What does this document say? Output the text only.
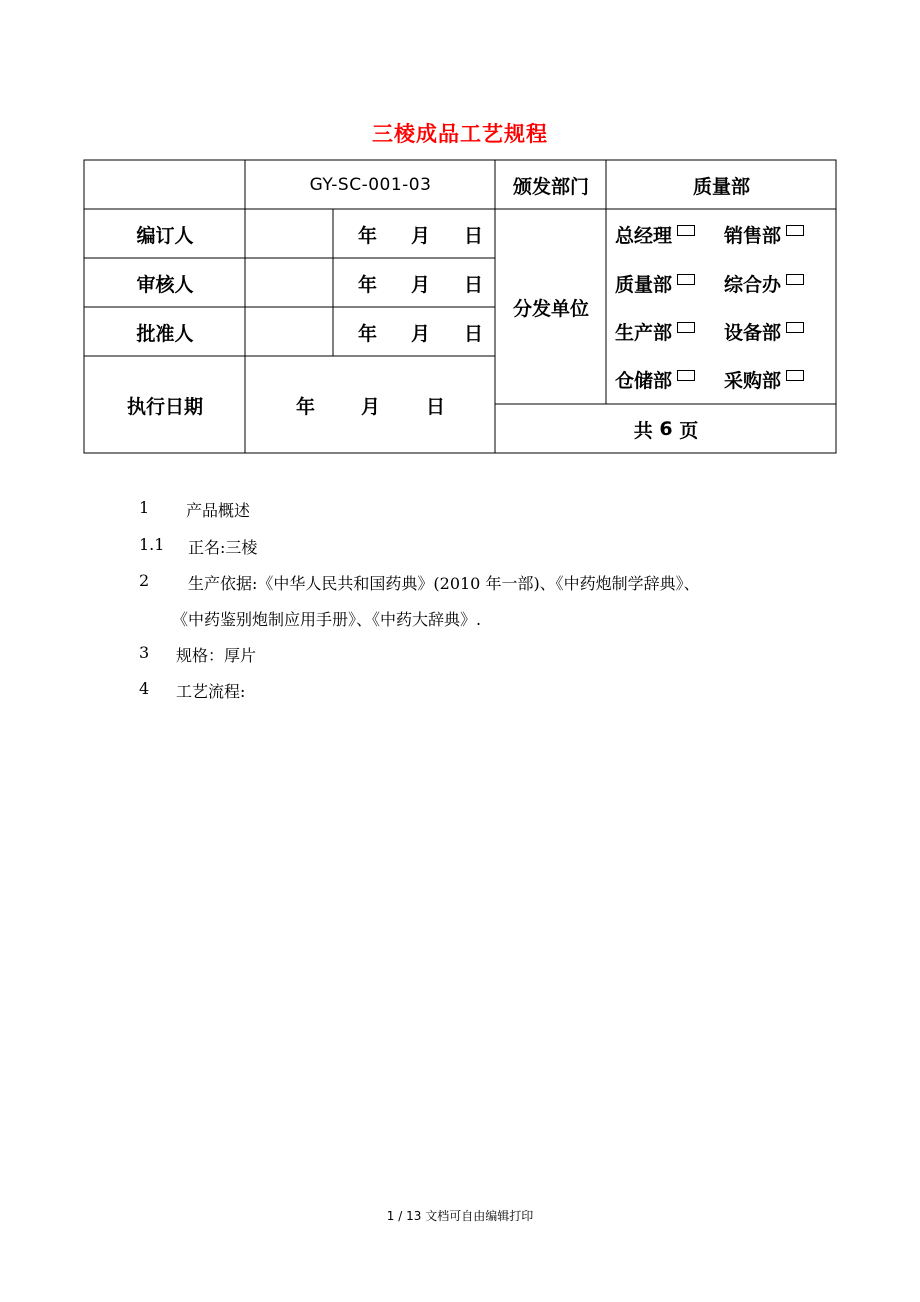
三棱成品工艺规程
GY-SC-001-03	颁发部门	质量部
编订人	年 月 日
审核人	年 月 日
批准人	年 月 日
执行日期	年 月 日
分发单位
总经理	销售部
质量部	综合办
生产部	设备部
仓储部	采购部
共
6
页
1 产品概述
1.1 正名:三棱
2 生产依据:《中华人民共和国药典》(2010 年一部)、《中药炮制学辞典》、
《中药鉴别炮制应用手册》、《中药大辞典》.
3 规格：厚片
4 工艺流程:
1 / 13 文档可自由编辑打印
